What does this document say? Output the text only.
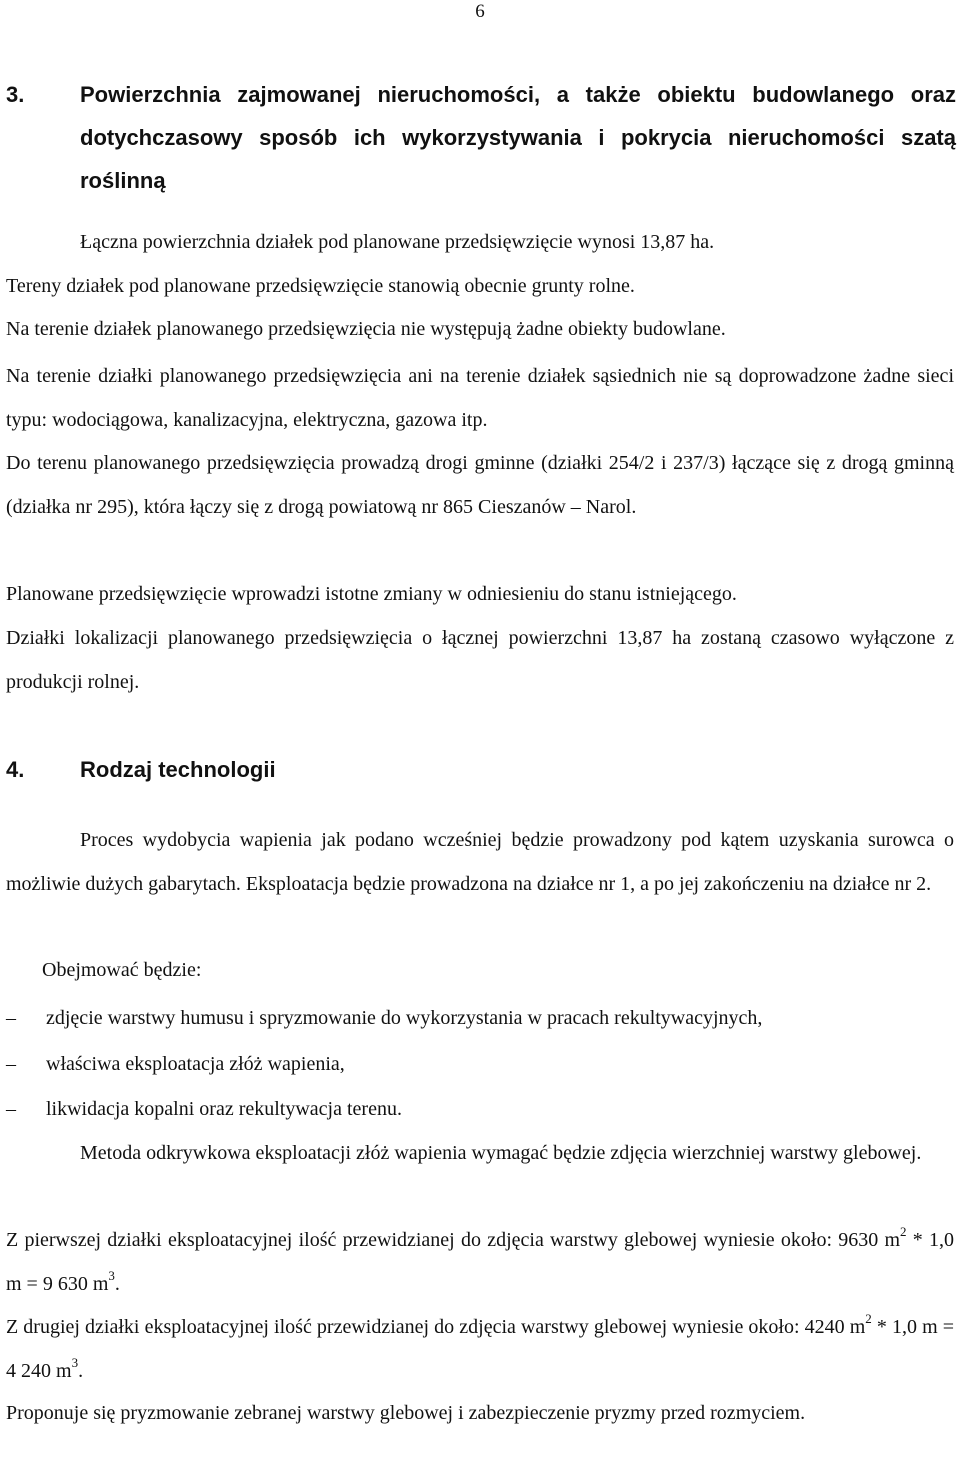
6
3.	Powierzchnia zajmowanej nieruchomości, a także obiektu budowlanego oraz dotychczasowy sposób ich wykorzystywania i pokrycia nieruchomości szatą roślinną
Łączna powierzchnia działek pod planowane przedsięwzięcie wynosi 13,87 ha.
Tereny działek pod planowane przedsięwzięcie stanowią obecnie grunty rolne.
Na terenie działek planowanego przedsięwzięcia nie występują żadne obiekty budowlane.
Na terenie działki planowanego przedsięwzięcia ani na terenie działek sąsiednich nie są doprowadzone żadne sieci typu: wodociągowa, kanalizacyjna, elektryczna, gazowa itp.
Do terenu planowanego przedsięwzięcia prowadzą drogi gminne (działki 254/2 i 237/3) łączące się z drogą gminną (działka nr 295), która łączy się z drogą powiatową nr 865 Cieszanów – Narol.
Planowane przedsięwzięcie wprowadzi istotne zmiany w odniesieniu do stanu istniejącego.
Działki lokalizacji planowanego przedsięwzięcia o łącznej powierzchni 13,87 ha zostaną czasowo wyłączone z produkcji rolnej.
4.	Rodzaj technologii
Proces wydobycia wapienia jak podano wcześniej będzie prowadzony pod kątem uzyskania surowca o możliwie dużych gabarytach. Eksploatacja będzie prowadzona na działce nr 1, a po jej zakończeniu na działce nr 2.
Obejmować będzie:
– zdjęcie warstwy humusu i spryzmowanie do wykorzystania w pracach rekultywacyjnych,
– właściwa eksploatacja złóż wapienia,
– likwidacja kopalni oraz rekultywacja terenu.
Metoda odkrywkowa eksploatacji złóż wapienia wymagać będzie zdjęcia wierzchniej warstwy glebowej.
Z pierwszej działki eksploatacyjnej ilość przewidzianej do zdjęcia warstwy glebowej wyniesie około: 9630 $m^2 * 1,0$ m = 9 630 $m^3$.
Z drugiej działki eksploatacyjnej ilość przewidzianej do zdjęcia warstwy glebowej wyniesie około: 4240 $m^2 * 1,0$ m = 4 240 $m^3$.
Proponuje się pryzmowanie zebranej warstwy glebowej i zabezpieczenie pryzmy przed rozmyciem.
